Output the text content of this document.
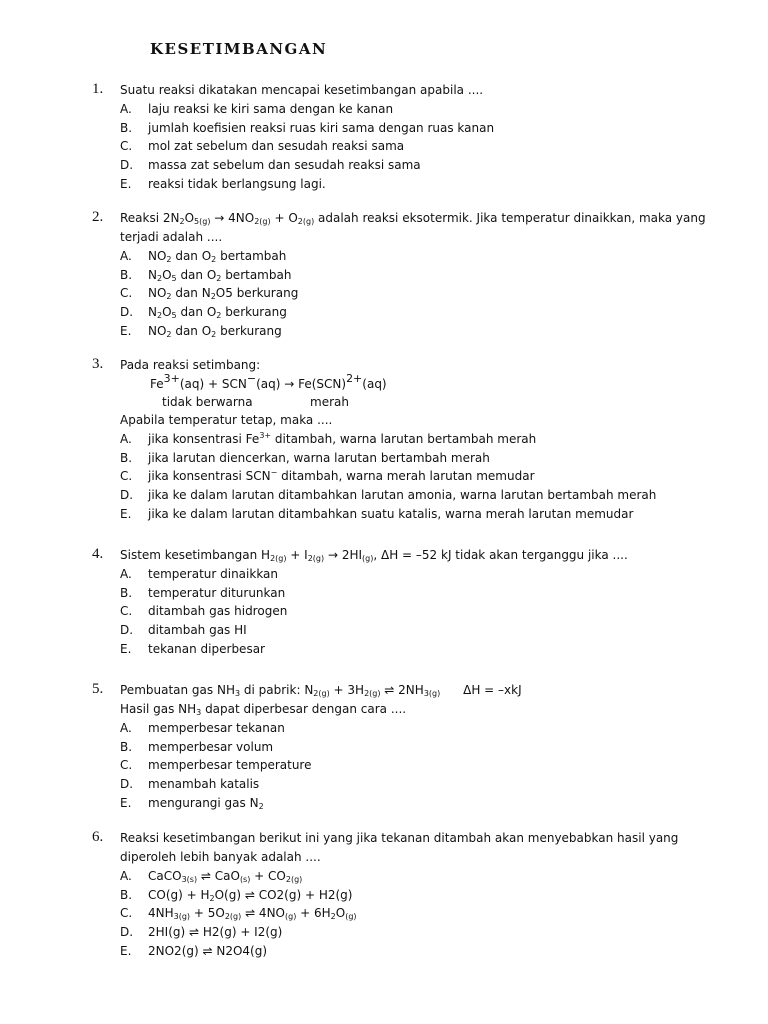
KESETIMBANGAN
1. Suatu reaksi dikatakan mencapai kesetimbangan apabila ....
A. laju reaksi ke kiri sama dengan ke kanan
B. jumlah koefisien reaksi ruas kiri sama dengan ruas kanan
C. mol zat sebelum dan sesudah reaksi sama
D. massa zat sebelum dan sesudah reaksi sama
E. reaksi tidak berlangsung lagi.
2. Reaksi $2N_2O_{5(g)} \to 4NO_{2(g)} + O_{2(g)}$ adalah reaksi eksotermik. Jika temperatur dinaikkan, maka yang terjadi adalah ....
A. $NO_2$ dan $O_2$ bertambah
B. $N_2O_5$ dan $O_2$ bertambah
C. $NO_2$ dan $N_2O5$ berkurang
D. $N_2O_5$ dan $O_2$ berkurang
E. $NO_2$ dan $O_2$ berkurang
3. Pada reaksi setimbang:
$Fe^{3+}(aq) + SCN^-(aq) \to Fe(SCN)^{2+}(aq)$
tidak berwarna	merah
Apabila temperatur tetap, maka ....
A. jika konsentrasi $Fe^{3+}$ ditambah, warna larutan bertambah merah
B. jika larutan diencerkan, warna larutan bertambah merah
C. jika konsentrasi SCN− ditambah, warna merah larutan memudar
D. jika ke dalam larutan ditambahkan larutan amonia, warna larutan bertambah merah
E. jika ke dalam larutan ditambahkan suatu katalis, warna merah larutan memudar
4. Sistem kesetimbangan $H_{2(g)} + I_{2(g)} \to 2HI_{(g)}$, ΔH = –52 kJ tidak akan terganggu jika ....
A. temperatur dinaikkan
B. temperatur diturunkan
C. ditambah gas hidrogen
D. ditambah gas HI
E. tekanan diperbesar
5. Pembuatan gas $NH_3$ di pabrik: $N_{2(g)} + 3H_{2(g)}$ ⇌ $2NH_{3(g)}$      ΔH = –xkJ
Hasil gas $NH_3$ dapat diperbesar dengan cara ....
A. memperbesar tekanan
B. memperbesar volum
C. memperbesar temperature
D. menambah katalis
E. mengurangi gas $N_2$
6. Reaksi kesetimbangan berikut ini yang jika tekanan ditambah akan menyebabkan hasil yang diperoleh lebih banyak adalah ....
A. CaCO$_{3(s)}$ ⇌ $CaO_{(s)} + CO_{2(g)}$
B. $CO(g) + H_2O(g)$ ⇌ CO2(g) + H2(g)
C. $4NH_{3(g)} + 5O_{2(g)}$ ⇌ $4NO_{(g)} + 6H_2O_{(g)}$
D. 2HI(g) ⇌ H2(g) + I2(g)
E. 2NO2(g) ⇌ N2O4(g)
